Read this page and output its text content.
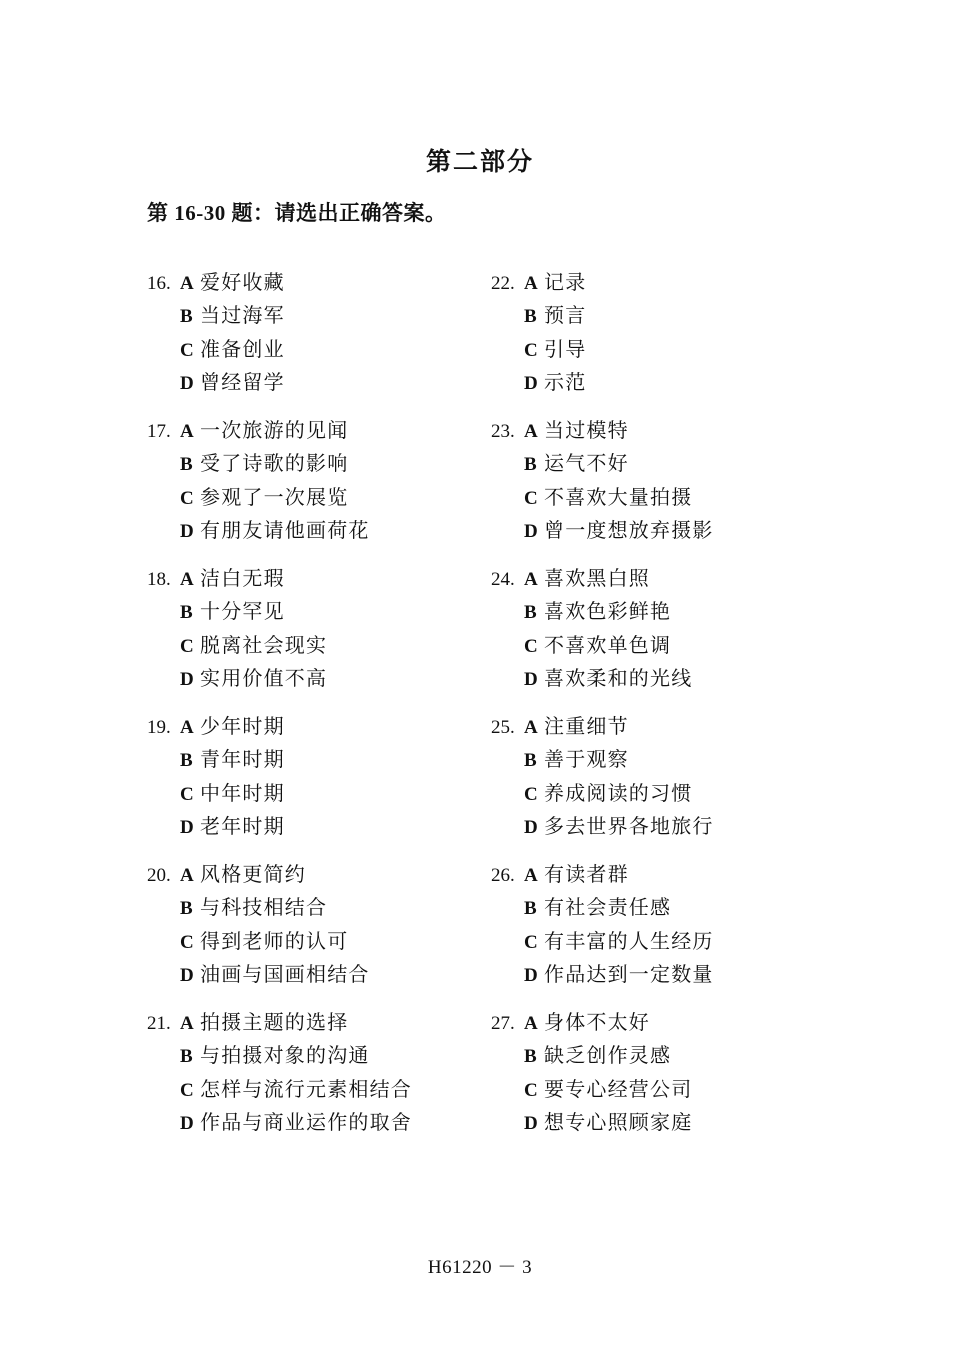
第二部分
第 16-30 题：请选出正确答案。
16. A 爱好收藏
B 当过海军
C 准备创业
D 曾经留学
17. A 一次旅游的见闻
B 受了诗歌的影响
C 参观了一次展览
D 有朋友请他画荷花
18. A 洁白无瑕
B 十分罕见
C 脱离社会现实
D 实用价值不高
19. A 少年时期
B 青年时期
C 中年时期
D 老年时期
20. A 风格更简约
B 与科技相结合
C 得到老师的认可
D 油画与国画相结合
21. A 拍摄主题的选择
B 与拍摄对象的沟通
C 怎样与流行元素相结合
D 作品与商业运作的取舍
22. A 记录
B 预言
C 引导
D 示范
23. A 当过模特
B 运气不好
C 不喜欢大量拍摄
D 曾一度想放弃摄影
24. A 喜欢黑白照
B 喜欢色彩鲜艳
C 不喜欢单色调
D 喜欢柔和的光线
25. A 注重细节
B 善于观察
C 养成阅读的习惯
D 多去世界各地旅行
26. A 有读者群
B 有社会责任感
C 有丰富的人生经历
D 作品达到一定数量
27. A 身体不太好
B 缺乏创作灵感
C 要专心经营公司
D 想专心照顾家庭
H61220 － 3
